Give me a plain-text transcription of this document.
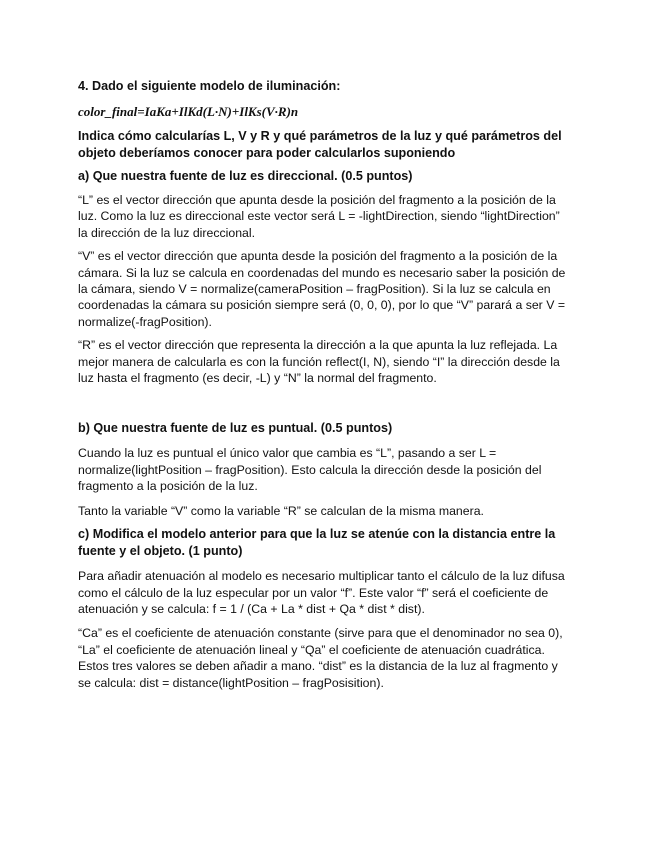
4. Dado el siguiente modelo de iluminación:

color_final=IaKa+IlKd(L·N)+IlKs(V·R)n

Indica cómo calcularías L, V y R y qué parámetros de la luz y qué parámetros del objeto deberíamos conocer para poder calcularlos suponiendo

a) Que nuestra fuente de luz es direccional. (0.5 puntos)

“L” es el vector dirección que apunta desde la posición del fragmento a la posición de la luz. Como la luz es direccional este vector será L = -lightDirection, siendo “lightDirection” la dirección de la luz direccional.

“V” es el vector dirección que apunta desde la posición del fragmento a la posición de la cámara. Si la luz se calcula en coordenadas del mundo es necesario saber la posición de la cámara, siendo V = normalize(cameraPosition – fragPosition). Si la luz se calcula en coordenadas la cámara su posición siempre será (0, 0, 0), por lo que “V” parará a ser V = normalize(-fragPosition).

“R” es el vector dirección que representa la dirección a la que apunta la luz reflejada. La mejor manera de calcularla es con la función reflect(I, N), siendo “I” la dirección desde la luz hasta el fragmento (es decir, -L) y “N” la normal del fragmento.

b) Que nuestra fuente de luz es puntual. (0.5 puntos)

Cuando la luz es puntual el único valor que cambia es “L”, pasando a ser L = normalize(lightPosition – fragPosition). Esto calcula la dirección desde la posición del fragmento a la posición de la luz.

Tanto la variable “V” como la variable “R” se calculan de la misma manera.

c) Modifica el modelo anterior para que la luz se atenúe con la distancia entre la fuente y el objeto. (1 punto)

Para añadir atenuación al modelo es necesario multiplicar tanto el cálculo de la luz difusa como el cálculo de la luz especular por un valor “f”. Este valor “f” será el coeficiente de atenuación y se calcula: f = 1 / (Ca + La * dist + Qa * dist * dist).

“Ca” es el coeficiente de atenuación constante (sirve para que el denominador no sea 0), “La” el coeficiente de atenuación lineal y “Qa” el coeficiente de atenuación cuadrática. Estos tres valores se deben añadir a mano. “dist” es la distancia de la luz al fragmento y se calcula: dist = distance(lightPosition – fragPosisition).
